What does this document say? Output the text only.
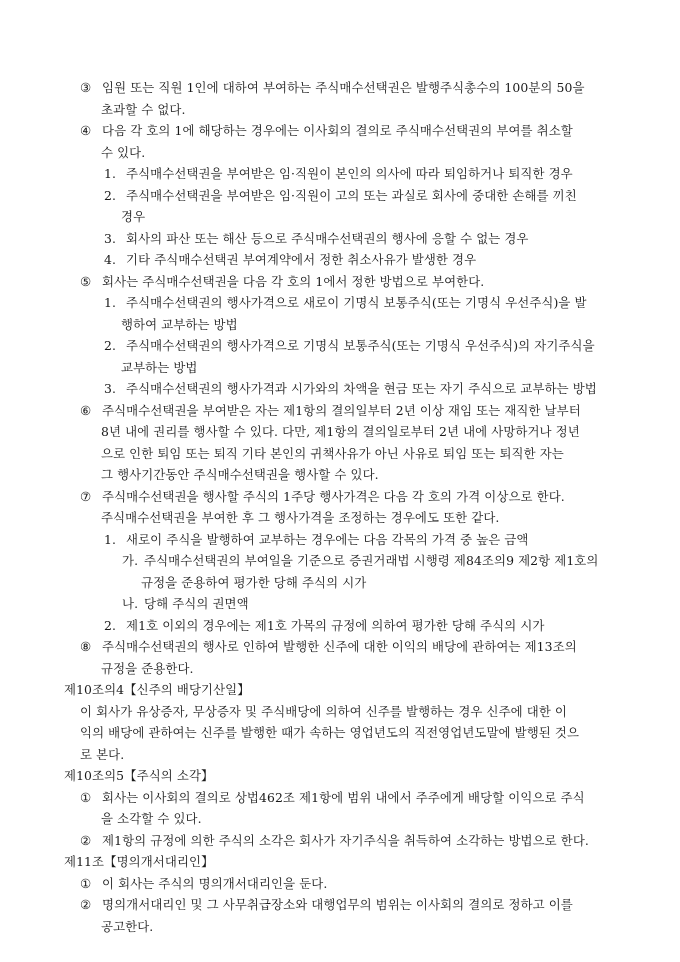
③ 임원 또는 직원 1인에 대하여 부여하는 주식매수선택권은 발행주식총수의 100분의 50을
초과할 수 없다.
④ 다음 각 호의 1에 해당하는 경우에는 이사회의 결의로 주식매수선택권의 부여를 취소할
수 있다.
1. 주식매수선택권을 부여받은 임·직원이 본인의 의사에 따라 퇴임하거나 퇴직한 경우
2. 주식매수선택권을 부여받은 임·직원이 고의 또는 과실로 회사에 중대한 손해를 끼친
경우
3. 회사의 파산 또는 해산 등으로 주식매수선택권의 행사에 응할 수 없는 경우
4. 기타 주식매수선택권 부여계약에서 정한 취소사유가 발생한 경우
⑤ 회사는 주식매수선택권을 다음 각 호의 1에서 정한 방법으로 부여한다.
1. 주식매수선택권의 행사가격으로 새로이 기명식 보통주식(또는 기명식 우선주식)을 발
행하여 교부하는 방법
2. 주식매수선택권의 행사가격으로 기명식 보통주식(또는 기명식 우선주식)의 자기주식을
교부하는 방법
3. 주식매수선택권의 행사가격과 시가와의 차액을 현금 또는 자기 주식으로 교부하는 방법
⑥ 주식매수선택권을 부여받은 자는 제1항의 결의일부터 2년 이상 재임 또는 재직한 날부터
8년 내에 권리를 행사할 수 있다. 다만, 제1항의 결의일로부터 2년 내에 사망하거나 정년
으로 인한 퇴임 또는 퇴직 기타 본인의 귀책사유가 아닌 사유로 퇴임 또는 퇴직한 자는
그 행사기간동안 주식매수선택권을 행사할 수 있다.
⑦ 주식매수선택권을 행사할 주식의 1주당 행사가격은 다음 각 호의 가격 이상으로 한다.
주식매수선택권을 부여한 후 그 행사가격을 조정하는 경우에도 또한 같다.
1. 새로이 주식을 발행하여 교부하는 경우에는 다음 각목의 가격 중 높은 금액
가. 주식매수선택권의 부여일을 기준으로 증권거래법 시행령 제84조의9 제2항 제1호의
규정을 준용하여 평가한 당해 주식의 시가
나. 당해 주식의 권면액
2. 제1호 이외의 경우에는 제1호 가목의 규정에 의하여 평가한 당해 주식의 시가
⑧ 주식매수선택권의 행사로 인하여 발행한 신주에 대한 이익의 배당에 관하여는 제13조의
규정을 준용한다.
제10조의4【신주의 배당기산일】
이 회사가 유상증자, 무상증자 및 주식배당에 의하여 신주를 발행하는 경우 신주에 대한 이
익의 배당에 관하여는 신주를 발행한 때가 속하는 영업년도의 직전영업년도말에 발행된 것으
로 본다.
제10조의5【주식의 소각】
① 회사는 이사회의 결의로 상법462조 제1항에 범위 내에서 주주에게 배당할 이익으로 주식
을 소각할 수 있다.
② 제1항의 규정에 의한 주식의 소각은 회사가 자기주식을 취득하여 소각하는 방법으로 한다.
제11조【명의개서대리인】
① 이 회사는 주식의 명의개서대리인을 둔다.
② 명의개서대리인 및 그 사무취급장소와 대행업무의 범위는 이사회의 결의로 정하고 이를
공고한다.
